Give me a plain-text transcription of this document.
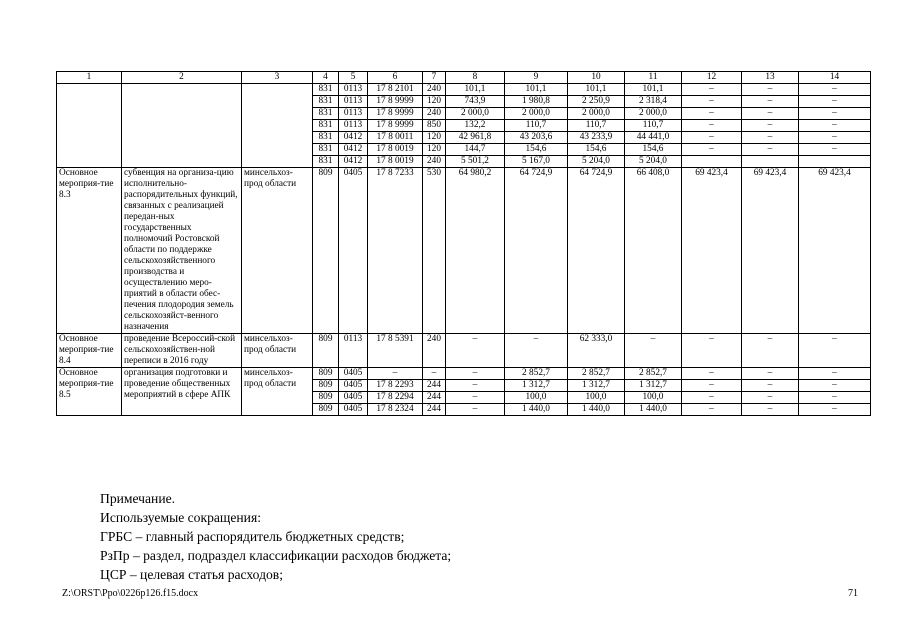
1	2	3	4	5	6	7	8	9	10	11	12	13	14
			831	0113	17 8 2101	240	101,1	101,1	101,1	101,1	–	–	–
			831	0113	17 8 9999	120	743,9	1 980,8	2 250,9	2 318,4	–	–	–
			831	0113	17 8 9999	240	2 000,0	2 000,0	2 000,0	2 000,0	–	–	–
			831	0113	17 8 9999	850	132,2	110,7	110,7	110,7	–	–	–
			831	0412	17 8 0011	120	42 961,8	43 203,6	43 233,9	44 441,0	–	–	–
			831	0412	17 8 0019	120	144,7	154,6	154,6	154,6	–	–	–
			831	0412	17 8 0019	240	5 501,2	5 167,0	5 204,0	5 204,0			
Основное мероприя-тие 8.3	субвенция на организа-цию исполнительно-распорядительных функций, связанных с реализацией передан-ных государственных полномочий Ростовской области по поддержке сельскохозяйственного производства и осуществлению меро-приятий в области обес-печения плодородия земель сельскохозяйст-венного назначения	минсельхоз-прод области	809	0405	17 8 7233	530	64 980,2	64 724,9	64 724,9	66 408,0	69 423,4	69 423,4	69 423,4
Основное мероприя-тие 8.4	проведение Всероссий-ской сельскохозяйствен-ной переписи в 2016 году	минсельхоз-прод области	809	0113	17 8 5391	240	–	–	62 333,0	–	–	–	–
Основное мероприя-тие 8.5	организация подготовки и проведение общественных мероприятий в сфере АПК	минсельхоз-прод области	809	0405	–	–	–	2 852,7	2 852,7	2 852,7	–	–	–
			809	0405	17 8 2293	244	–	1 312,7	1 312,7	1 312,7	–	–	–
			809	0405	17 8 2294	244	–	100,0	100,0	100,0	–	–	–
			809	0405	17 8 2324	244	–	1 440,0	1 440,0	1 440,0	–	–	–
Примечание.
Используемые сокращения:
ГРБС – главный распорядитель бюджетных средств;
РзПр – раздел, подраздел классификации расходов бюджета;
ЦСР – целевая статья расходов;
Z:\ORST\Ppo\0226p126.f15.docx	71
